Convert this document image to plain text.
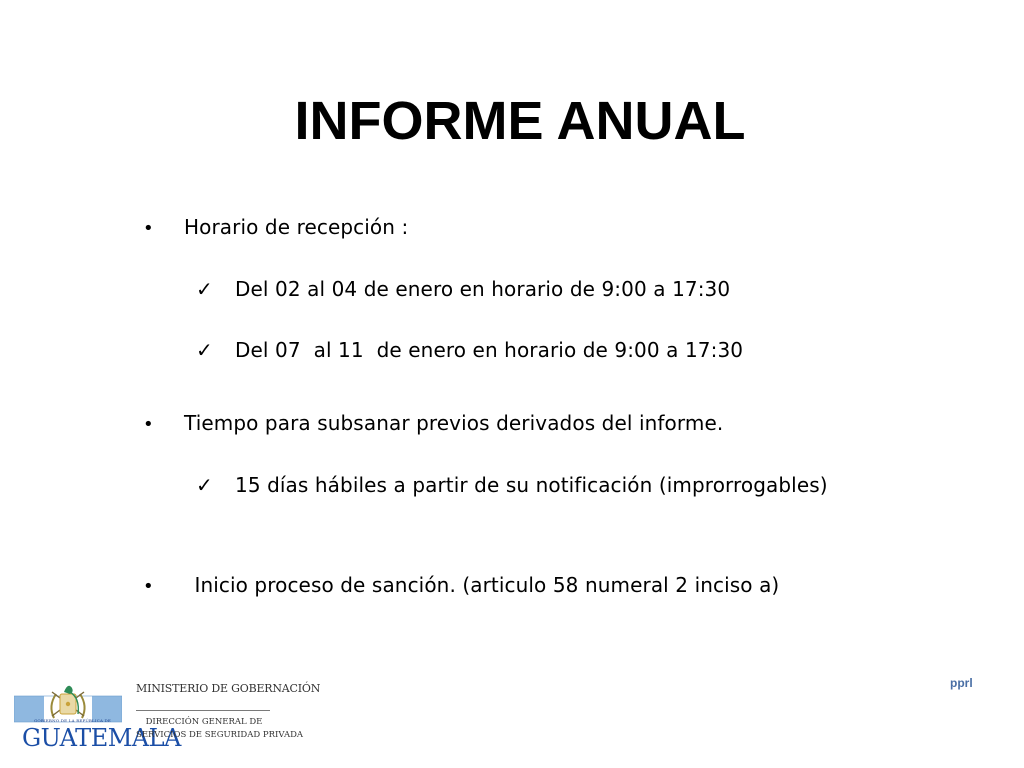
INFORME ANUAL
• Horario de recepción :
✓ Del 02 al 04 de enero en horario de 9:00 a 17:30
✓ Del 07  al 11  de enero en horario de 9:00 a 17:30
• Tiempo para subsanar previos derivados del informe.
✓ 15 días hábiles a partir de su notificación (improrrogables)
• Inicio proceso de sanción. (articulo 58 numeral 2 inciso a)
GOBIERNO DE LA REPÚBLICA DE
GUATEMALA
MINISTERIO DE GOBERNACIÓN
DIRECCIÓN GENERAL DE
SERVICIOS DE SEGURIDAD PRIVADA
pprl
